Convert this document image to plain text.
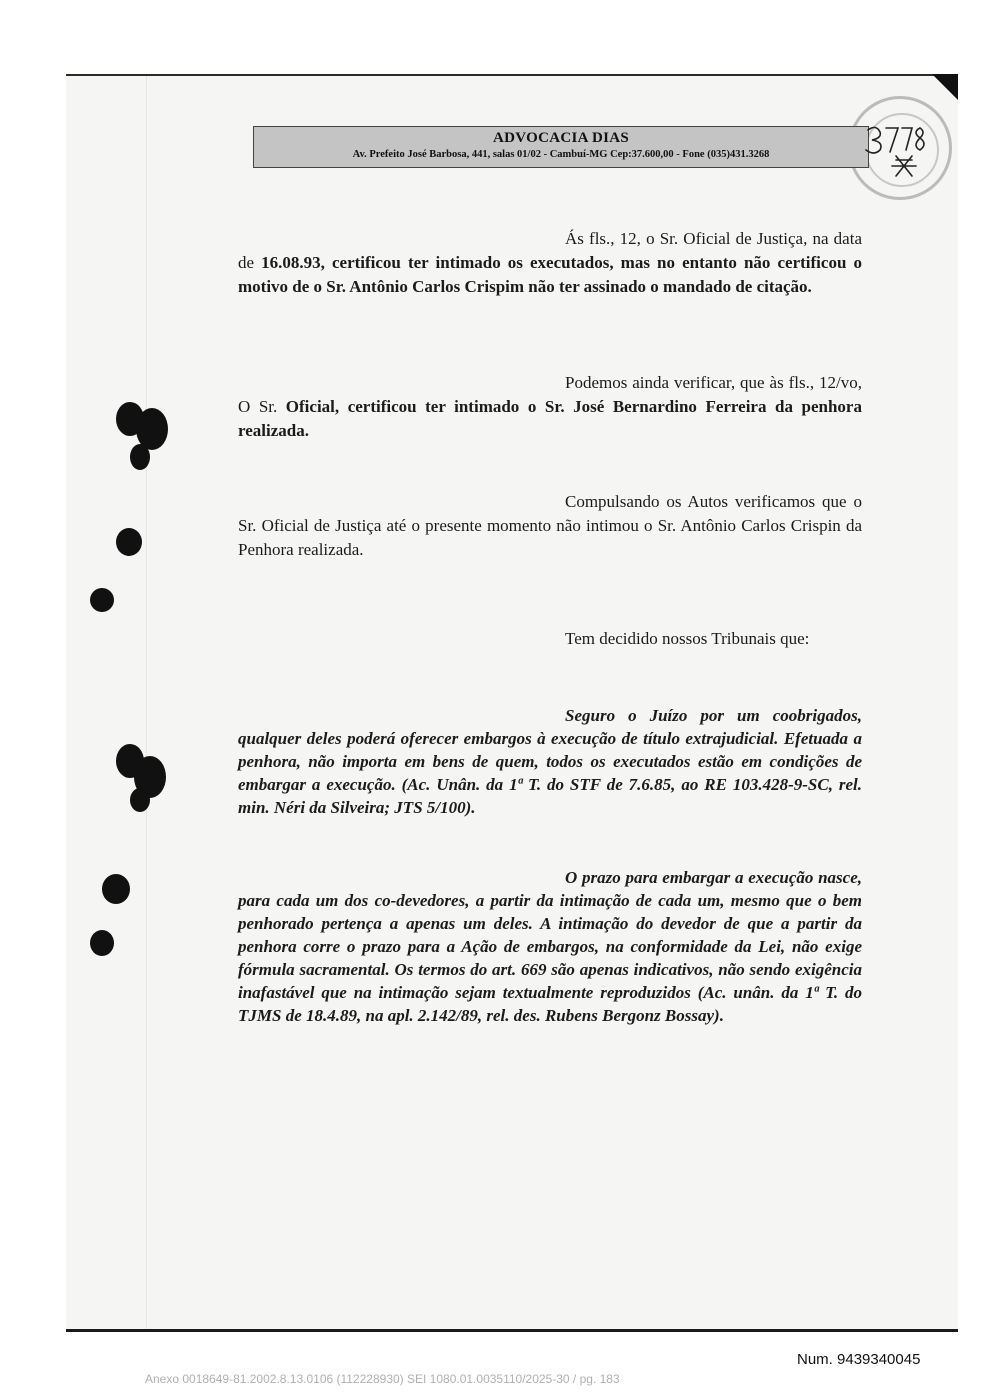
ADVOCACIA DIAS
Av. Prefeito José Barbosa, 441, salas 01/02 - Cambuí-MG Cep:37.600,00 - Fone (035)431.3268

Ás fls., 12, o Sr. Oficial de Justiça, na data de 16.08.93, certificou ter intimado os executados, mas no entanto não certificou o motivo de o Sr. Antônio Carlos Crispim não ter assinado o mandado de citação.

Podemos ainda verificar, que às fls., 12/vo, O Sr. Oficial, certificou ter intimado o Sr. José Bernardino Ferreira da penhora realizada.

Compulsando os Autos verificamos que o Sr. Oficial de Justiça até o presente momento não intimou o Sr. Antônio Carlos Crispin da Penhora realizada.

Tem decidido nossos Tribunais que:

Seguro o Juízo por um coobrigados, qualquer deles poderá oferecer embargos à execução de título extrajudicial. Efetuada a penhora, não importa em bens de quem, todos os executados estão em condições de embargar a execução. (Ac. Unân. da 1ª T. do STF de 7.6.85, ao RE 103.428-9-SC, rel. min. Néri da Silveira; JTS 5/100).

O prazo para embargar a execução nasce, para cada um dos co-devedores, a partir da intimação de cada um, mesmo que o bem penhorado pertença a apenas um deles. A intimação do devedor de que a partir da penhora corre o prazo para a Ação de embargos, na conformidade da Lei, não exige fórmula sacramental. Os termos do art. 669 são apenas indicativos, não sendo exigência inafastável que na intimação sejam textualmente reproduzidos (Ac. unân. da 1ª T. do TJMS de 18.4.89, na apl. 2.142/89, rel. des. Rubens Bergonz Bossay).

Num. 9439340045
Anexo 0018649-81.2002.8.13.0106 (112228930) SEI 1080.01.0035110/2025-30 / pg. 183
